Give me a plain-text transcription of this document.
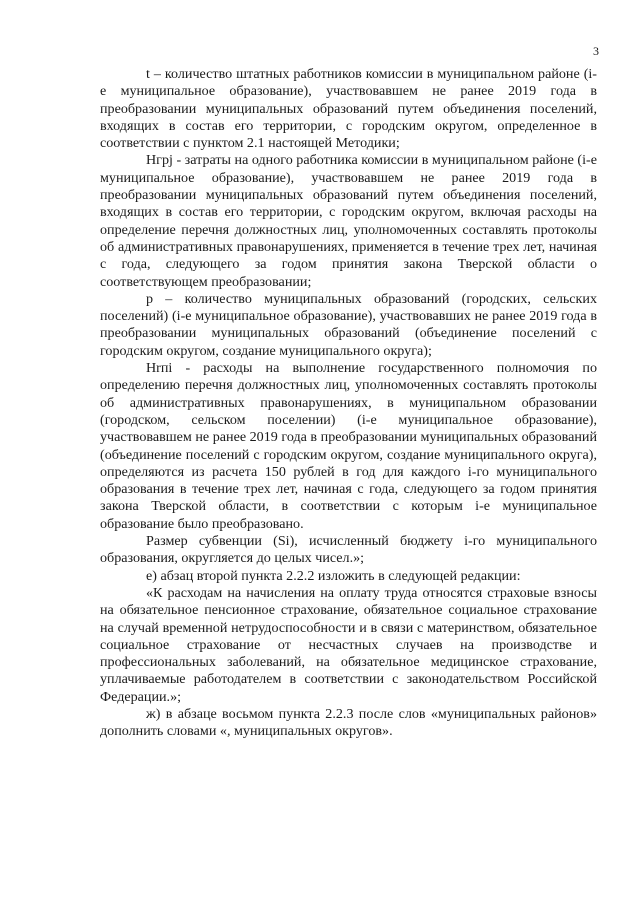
3

t – количество штатных работников комиссии в муниципальном районе (i-е муниципальное образование), участвовавшем не ранее 2019 года в преобразовании муниципальных образований путем объединения поселений, входящих в состав его территории, с городским округом, определенное в соответствии с пунктом 2.1 настоящей Методики;

Нгрj - затраты на одного работника комиссии в муниципальном районе (i-е муниципальное образование), участвовавшем не ранее 2019 года в преобразовании муниципальных образований путем объединения поселений, входящих в состав его территории, с городским округом, включая расходы на определение перечня должностных лиц, уполномоченных составлять протоколы об административных правонарушениях, применяется в течение трех лет, начиная с года, следующего за годом принятия закона Тверской области о соответствующем преобразовании;

p – количество муниципальных образований (городских, сельских поселений) (i-е муниципальное образование), участвовавших не ранее 2019 года в преобразовании муниципальных образований (объединение поселений с городским округом, создание муниципального округа);

Нrпi - расходы на выполнение государственного полномочия по определению перечня должностных лиц, уполномоченных составлять протоколы об административных правонарушениях, в муниципальном образовании (городском, сельском поселении) (i-е муниципальное образование), участвовавшем не ранее 2019 года в преобразовании муниципальных образований (объединение поселений с городским округом, создание муниципального округа), определяются из расчета 150 рублей в год для каждого i-го муниципального образования в течение трех лет, начиная с года, следующего за годом принятия закона Тверской области, в соответствии с которым i-е муниципальное образование было преобразовано.

Размер субвенции (Si), исчисленный бюджету i-го муниципального образования, округляется до целых чисел.»;

е) абзац второй пункта 2.2.2 изложить в следующей редакции:

«К расходам на начисления на оплату труда относятся страховые взносы на обязательное пенсионное страхование, обязательное социальное страхование на случай временной нетрудоспособности и в связи с материнством, обязательное социальное страхование от несчастных случаев на производстве и профессиональных заболеваний, на обязательное медицинское страхование, уплачиваемые работодателем в соответствии с законодательством Российской Федерации.»;

ж) в абзаце восьмом пункта 2.2.3 после слов «муниципальных районов» дополнить словами «, муниципальных округов».
